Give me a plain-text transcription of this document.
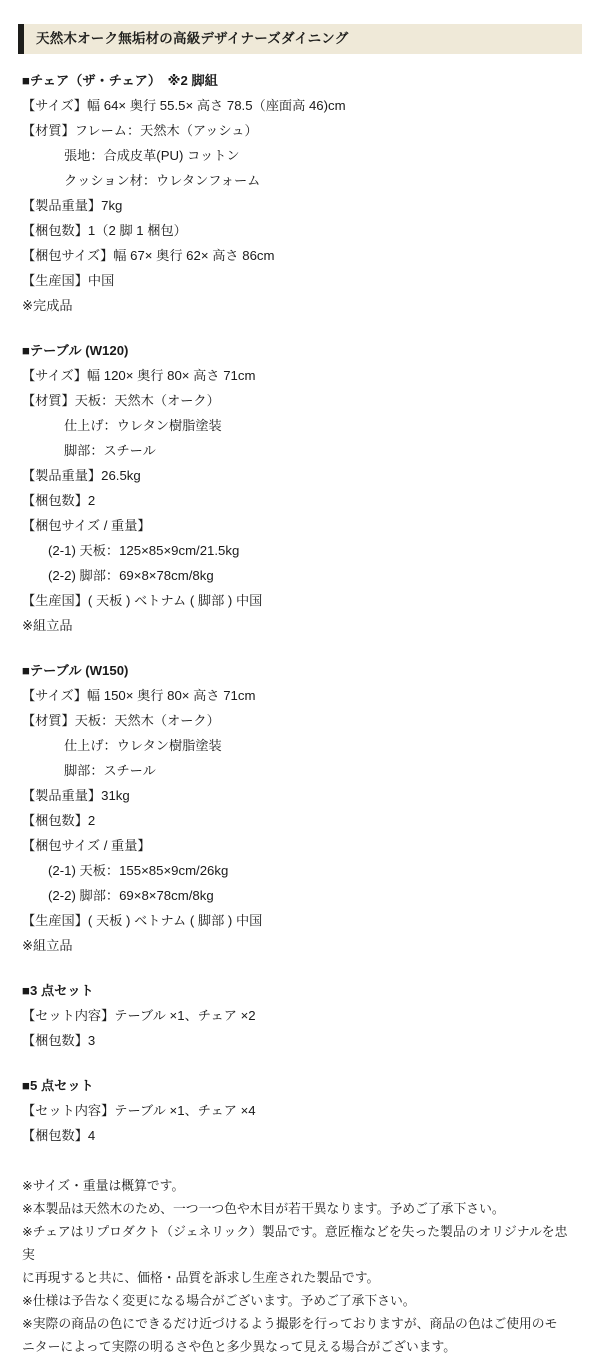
天然木オーク無垢材の高級デザイナーズダイニング
■チェア（ザ・チェア）　※2 脚組
【サイズ】幅 64× 奥行 55.5× 高さ 78.5（座面高 46)cm
【材質】フレーム：天然木（アッシュ）
張地：合成皮革(PU) コットン
クッション材：ウレタンフォーム
【製品重量】7kg
【梱包数】1（2 脚 1 梱包）
【梱包サイズ】幅 67× 奥行 62× 高さ 86cm
【生産国】中国
※完成品
■テーブル (W120)
【サイズ】幅 120× 奥行 80× 高さ 71cm
【材質】天板：天然木（オーク）
仕上げ：ウレタン樹脂塗装
脚部：スチール
【製品重量】26.5kg
【梱包数】2
【梱包サイズ / 重量】
(2-1) 天板：125×85×9cm/21.5kg
(2-2) 脚部：69×8×78cm/8kg
【生産国】( 天板 ) ベトナム ( 脚部 ) 中国
※組立品
■テーブル (W150)
【サイズ】幅 150× 奥行 80× 高さ 71cm
【材質】天板：天然木（オーク）
仕上げ：ウレタン樹脂塗装
脚部：スチール
【製品重量】31kg
【梱包数】2
【梱包サイズ / 重量】
(2-1) 天板：155×85×9cm/26kg
(2-2) 脚部：69×8×78cm/8kg
【生産国】( 天板 ) ベトナム ( 脚部 ) 中国
※組立品
■3 点セット
【セット内容】テーブル ×1、チェア ×2
【梱包数】3
■5 点セット
【セット内容】テーブル ×1、チェア ×4
【梱包数】4
※サイズ・重量は概算です。
※本製品は天然木のため、一つ一つ色や木目が若干異なります。予めご了承下さい。
※チェアはリプロダクト（ジェネリック）製品です。意匠権などを失った製品のオリジナルを忠実
に再現すると共に、価格・品質を訴求し生産された製品です。
※仕様は予告なく変更になる場合がございます。予めご了承下さい。
※実際の商品の色にできるだけ近づけるよう撮影を行っておりますが、商品の色はご使用のモ
ニターによって実際の明るさや色と多少異なって見える場合がございます。
